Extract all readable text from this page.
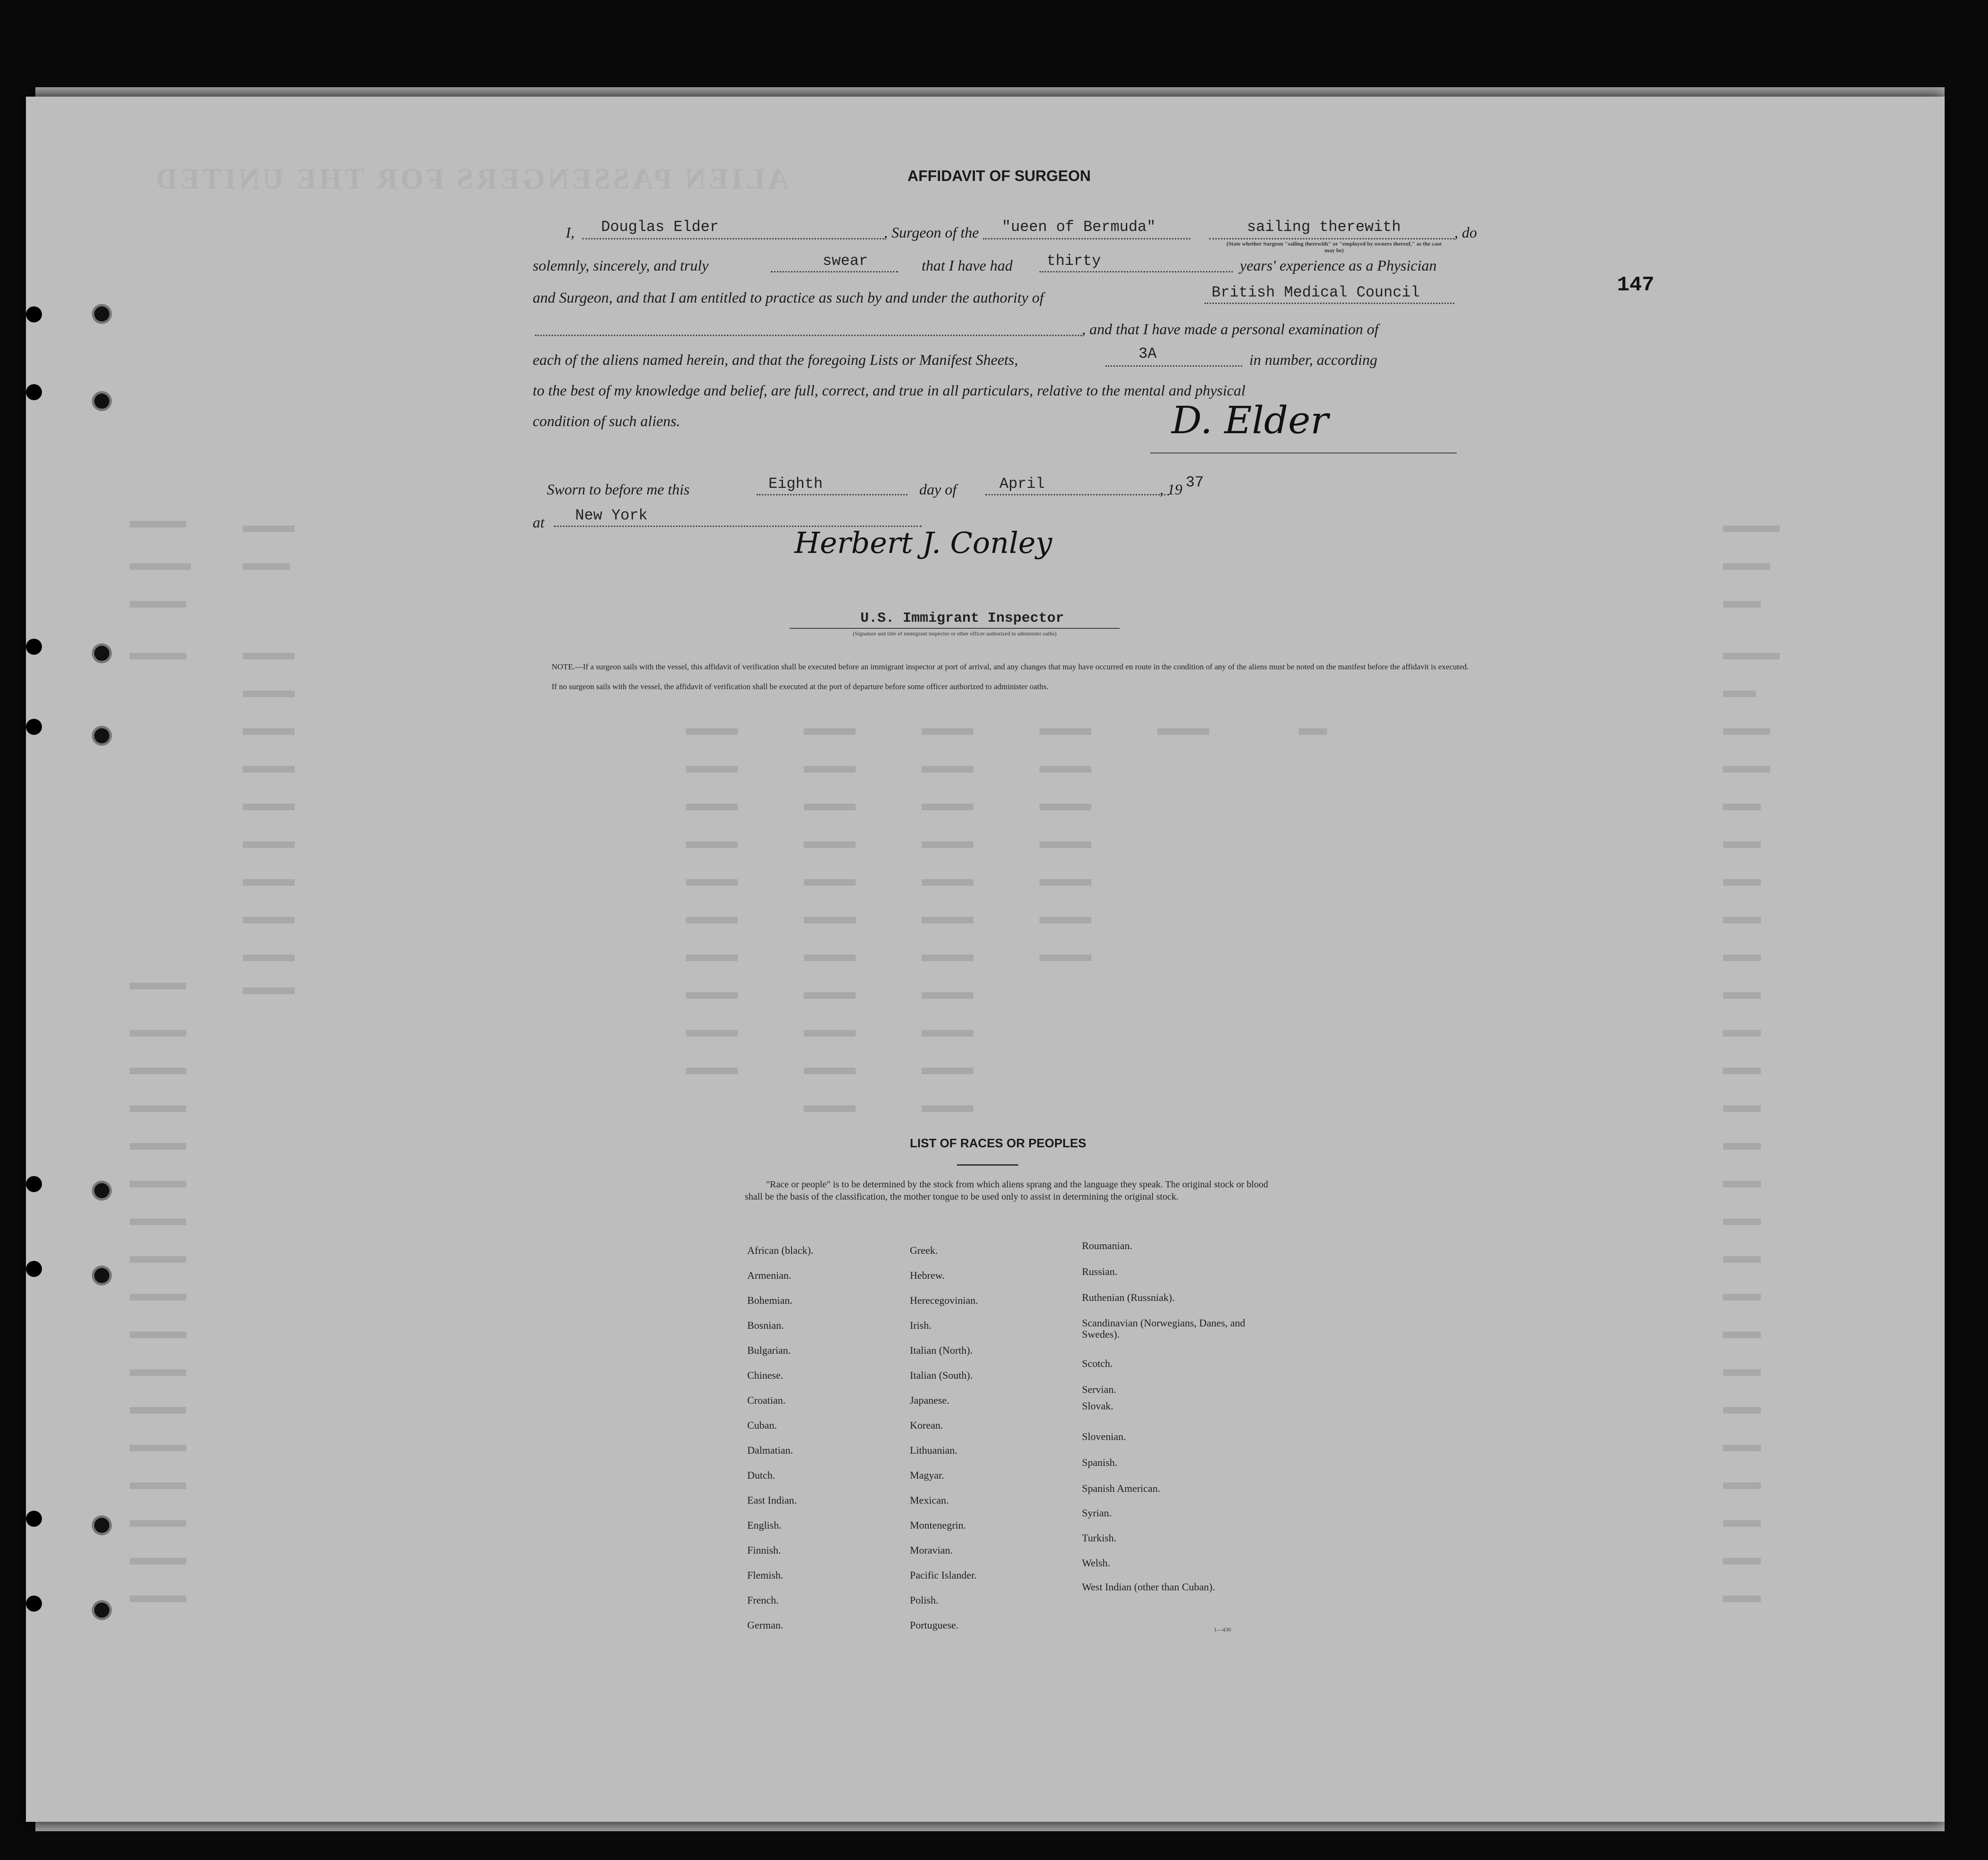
ALIEN PASSENGERS FOR THE UNITED
147
AFFIDAVIT OF SURGEON
I, Douglas Elder	, Surgeon of the "ueen of Bermuda"	sailing therewith	, do
(State whether Surgeon "sailing therewith" or "employed by owners thereof," as the case may be)
solemnly, sincerely, and truly	swear	that I have had thirty	years' experience as a Physician
and Surgeon, and that I am entitled to practice as such by and under the authority of	British Medical Council
, and that I have made a personal examination of
each of the aliens named herein, and that the foregoing Lists or Manifest Sheets,	3A	in number, according
to the best of my knowledge and belief, are full, correct, and true in all particulars, relative to the mental and physical
condition of such aliens.	D. Elder
Sworn to before me this	Eighth	day of	April	, 19 37
at New York
Herbert J. Conley
U.S. Immigrant Inspector
(Signature and title of immigrant inspector or other officer authorized to administer oaths)
NOTE.—If a surgeon sails with the vessel, this affidavit of verification shall be executed before an immigrant inspector at port of arrival, and any changes that may have occurred en route in the condition of any of the aliens must be noted on the manifest before the affidavit is executed.
If no surgeon sails with the vessel, the affidavit of verification shall be executed at the port of departure before some officer authorized to administer oaths.
LIST OF RACES OR PEOPLES
"Race or people" is to be determined by the stock from which aliens sprang and the language they speak. The original stock or blood shall be the basis of the classification, the mother tongue to be used only to assist in determining the original stock.
African (black).
Armenian.
Bohemian.
Bosnian.
Bulgarian.
Chinese.
Croatian.
Cuban.
Dalmatian.
Dutch.
East Indian.
English.
Finnish.
Flemish.
French.
German.
Greek.
Hebrew.
Herecegovinian.
Irish.
Italian (North).
Italian (South).
Japanese.
Korean.
Lithuanian.
Magyar.
Mexican.
Montenegrin.
Moravian.
Pacific Islander.
Polish.
Portuguese.
Roumanian.
Russian.
Ruthenian (Russniak).
Scandinavian (Norwegians, Danes, and Swedes).
Scotch.
Servian.
Slovak.
Slovenian.
Spanish.
Spanish American.
Syrian.
Turkish.
Welsh.
West Indian (other than Cuban).
1—430
